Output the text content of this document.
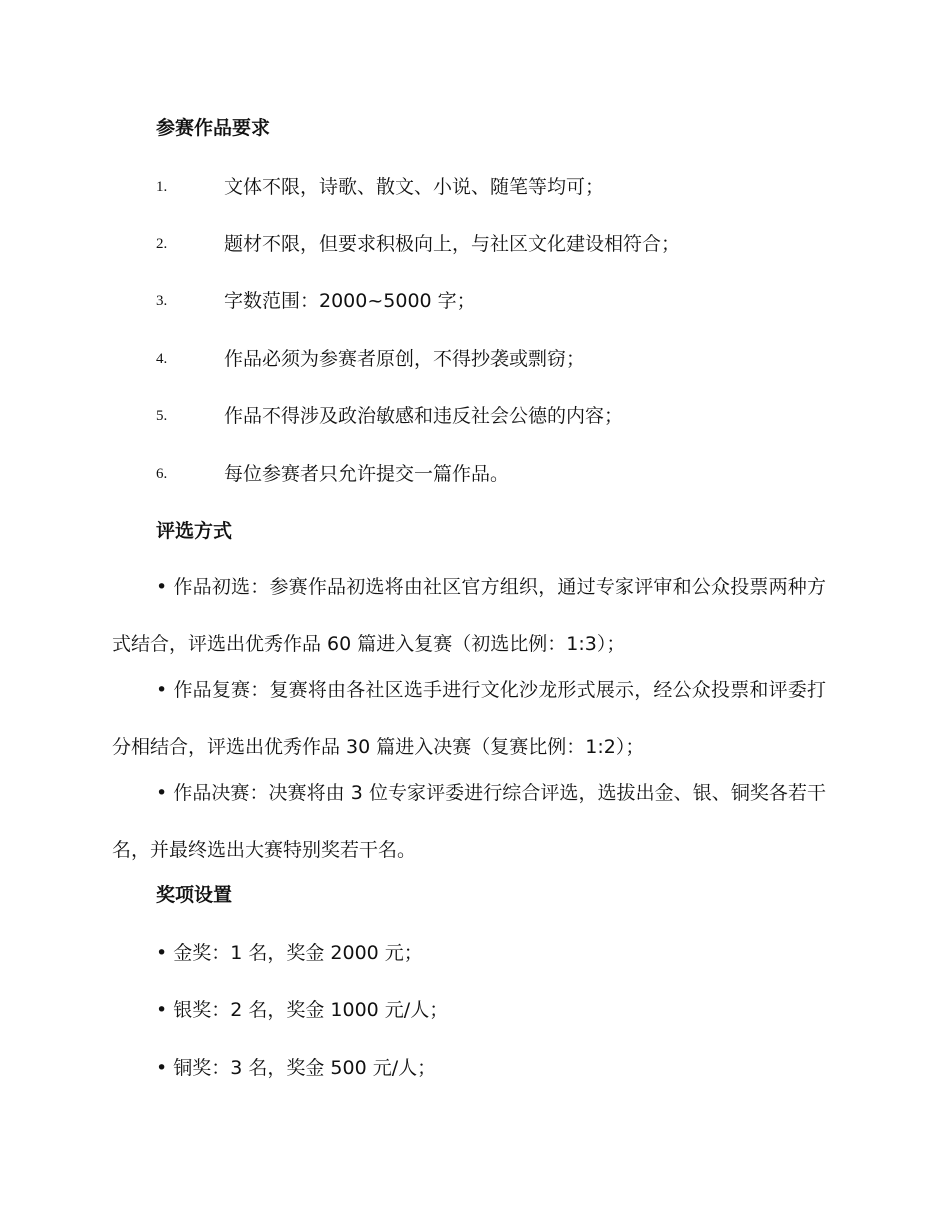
参赛作品要求
1.	文体不限，诗歌、散文、小说、随笔等均可；
2.	题材不限，但要求积极向上，与社区文化建设相符合；
3.	字数范围：2000~5000 字；
4.	作品必须为参赛者原创，不得抄袭或剽窃；
5.	作品不得涉及政治敏感和违反社会公德的内容；
6.	每位参赛者只允许提交一篇作品。
评选方式

• 作品初选：参赛作品初选将由社区官方组织，通过专家评审和公众投票两种方式结合，评选出优秀作品 60 篇进入复赛（初选比例：1:3）；

• 作品复赛：复赛将由各社区选手进行文化沙龙形式展示，经公众投票和评委打分相结合，评选出优秀作品 30 篇进入决赛（复赛比例：1:2）；

• 作品决赛：决赛将由 3 位专家评委进行综合评选，选拔出金、银、铜奖各若干名，并最终选出大赛特别奖若干名。

奖项设置
• 金奖：1 名，奖金 2000 元；
• 银奖：2 名，奖金 1000 元/人；
• 铜奖：3 名，奖金 500 元/人；
